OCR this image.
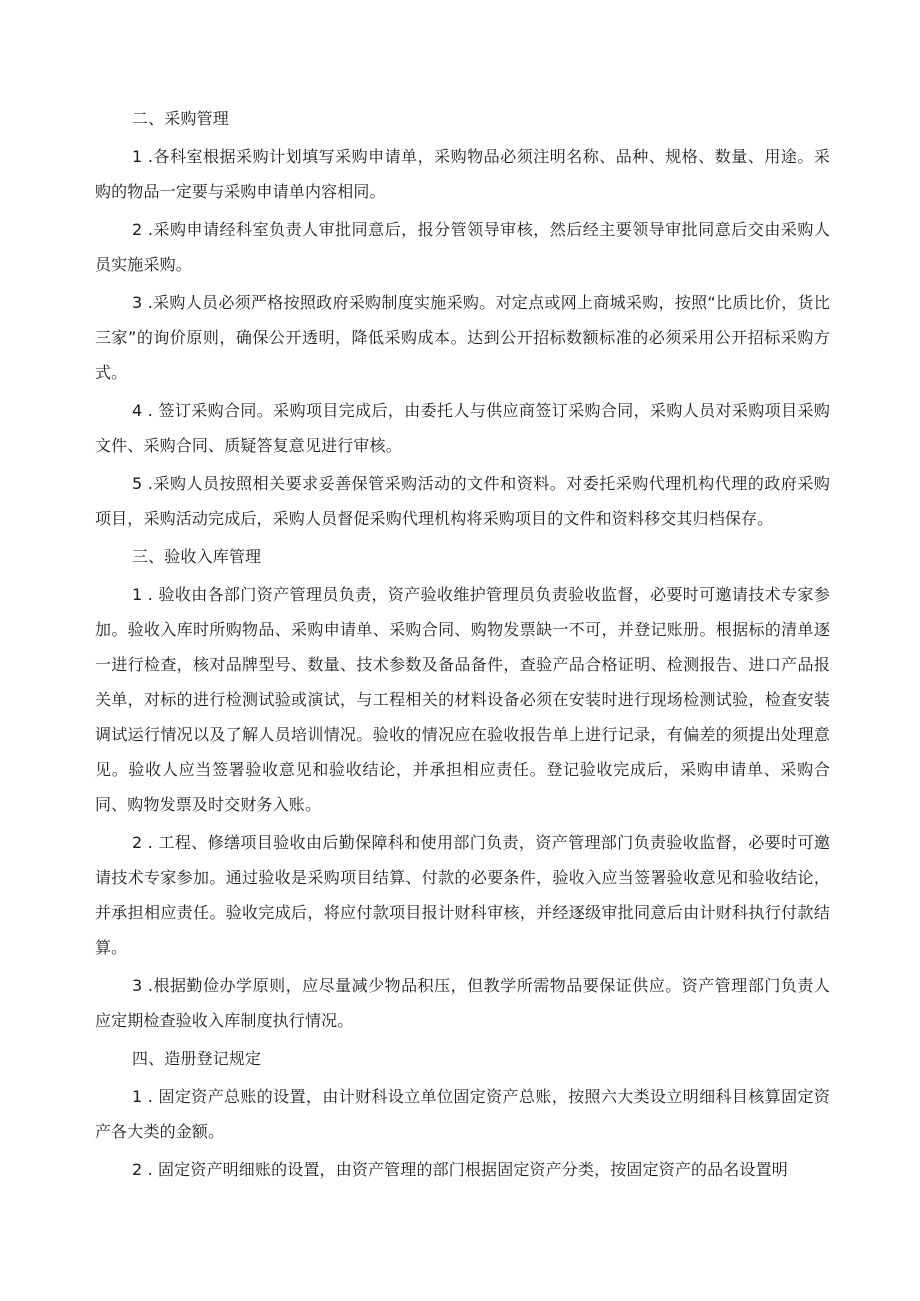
二、采购管理

1 .各科室根据采购计划填写采购申请单，采购物品必须注明名称、品种、规格、数量、用途。采购的物品一定要与采购申请单内容相同。

2 .采购申请经科室负责人审批同意后，报分管领导审核，然后经主要领导审批同意后交由采购人员实施采购。

3 .采购人员必须严格按照政府采购制度实施采购。对定点或网上商城采购，按照“比质比价，货比三家”的询价原则，确保公开透明，降低采购成本。达到公开招标数额标准的必须采用公开招标采购方式。

4 . 签订采购合同。采购项目完成后，由委托人与供应商签订采购合同，采购人员对采购项目采购文件、采购合同、质疑答复意见进行审核。

5 .采购人员按照相关要求妥善保管采购活动的文件和资料。对委托采购代理机构代理的政府采购项目，采购活动完成后，采购人员督促采购代理机构将采购项目的文件和资料移交其归档保存。

三、验收入库管理

1 . 验收由各部门资产管理员负责，资产验收维护管理员负责验收监督，必要时可邀请技术专家参加。验收入库时所购物品、采购申请单、采购合同、购物发票缺一不可，并登记账册。根据标的清单逐一进行检查，核对品牌型号、数量、技术参数及备品备件，查验产品合格证明、检测报告、进口产品报关单，对标的进行检测试验或演试，与工程相关的材料设备必须在安装时进行现场检测试验，检查安装调试运行情况以及了解人员培训情况。验收的情况应在验收报告单上进行记录，有偏差的须提出处理意见。验收人应当签署验收意见和验收结论，并承担相应责任。登记验收完成后，采购申请单、采购合同、购物发票及时交财务入账。

2 . 工程、修缮项目验收由后勤保障科和使用部门负责，资产管理部门负责验收监督，必要时可邀请技术专家参加。通过验收是采购项目结算、付款的必要条件，验收入应当签署验收意见和验收结论，并承担相应责任。验收完成后，将应付款项目报计财科审核，并经逐级审批同意后由计财科执行付款结算。

3 .根据勤俭办学原则，应尽量减少物品积压，但教学所需物品要保证供应。资产管理部门负责人应定期检查验收入库制度执行情况。

四、造册登记规定

1 . 固定资产总账的设置，由计财科设立单位固定资产总账，按照六大类设立明细科目核算固定资产各大类的金额。

2 . 固定资产明细账的设置，由资产管理的部门根据固定资产分类，按固定资产的品名设置明
